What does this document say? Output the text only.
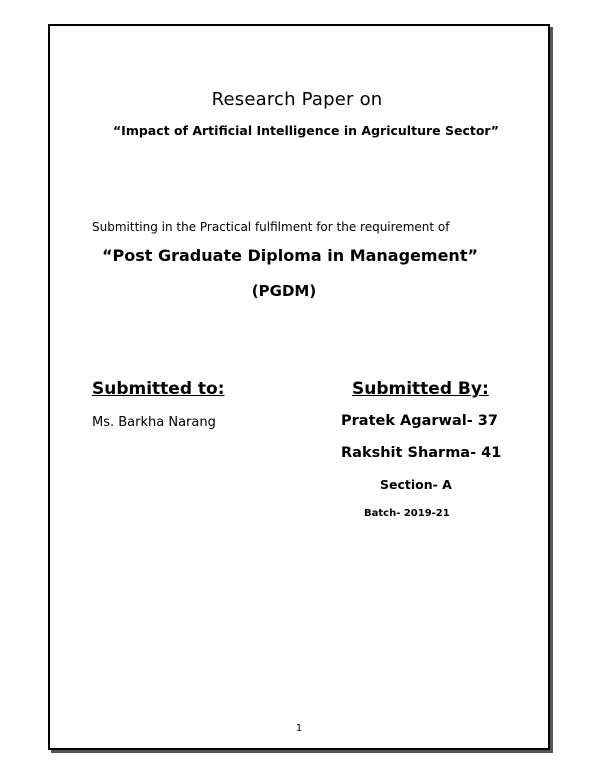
Research Paper on
“Impact of Artificial Intelligence in Agriculture Sector”
Submitting in the Practical fulfilment for the requirement of
“Post Graduate Diploma in Management”
(PGDM)
Submitted to:	Submitted By:
Ms. Barkha Narang	Pratek Agarwal- 37
Rakshit Sharma- 41
Section- A
Batch- 2019-21
1
